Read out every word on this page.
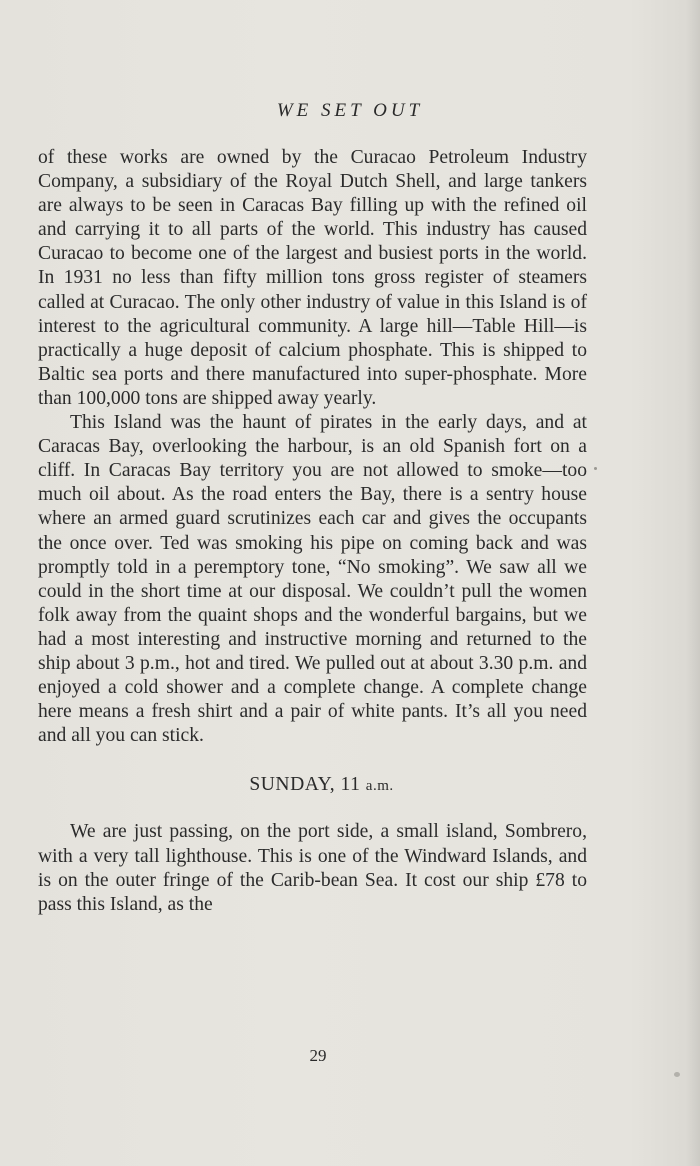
WE SET OUT

of these works are owned by the Curacao Petroleum Industry Company, a subsidiary of the Royal Dutch Shell, and large tankers are always to be seen in Caracas Bay filling up with the refined oil and carrying it to all parts of the world. This industry has caused Curacao to become one of the largest and busiest ports in the world. In 1931 no less than fifty million tons gross register of steamers called at Curacao. The only other industry of value in this Island is of interest to the agricultural community. A large hill—Table Hill—is practically a huge deposit of calcium phosphate. This is shipped to Baltic sea ports and there manufactured into super-phosphate. More than 100,000 tons are shipped away yearly.

This Island was the haunt of pirates in the early days, and at Caracas Bay, overlooking the harbour, is an old Spanish fort on a cliff. In Caracas Bay territory you are not allowed to smoke—too much oil about. As the road enters the Bay, there is a sentry house where an armed guard scrutinizes each car and gives the occupants the once over. Ted was smoking his pipe on coming back and was promptly told in a peremptory tone, “No smoking”. We saw all we could in the short time at our disposal. We couldn’t pull the women folk away from the quaint shops and the wonderful bargains, but we had a most interesting and instructive morning and returned to the ship about 3 p.m., hot and tired. We pulled out at about 3.30 p.m. and enjoyed a cold shower and a complete change. A complete change here means a fresh shirt and a pair of white pants. It’s all you need and all you can stick.

SUNDAY, 11 a.m.

We are just passing, on the port side, a small island, Sombrero, with a very tall lighthouse. This is one of the Windward Islands, and is on the outer fringe of the Carib-bean Sea. It cost our ship £78 to pass this Island, as the

29
